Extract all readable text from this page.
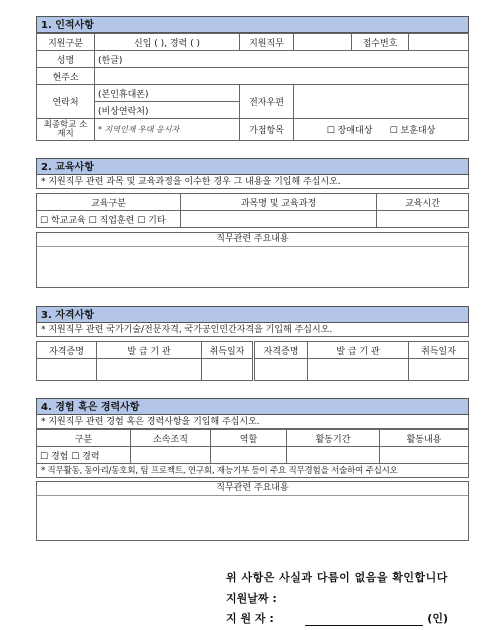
1. 인적사항
지원구분	신입 ( ), 경력 ( )	지원직무		접수번호	
성명	(한글)				
현주소					
연락처	(본인휴대폰)	전자우편			
	(비상연락처)				
최종학교 소재지	* 지역인재 우대 응시자	가점항목	☐ 장애대상 ☐ 보훈대상		
2. 교육사항
* 지원직무 관련 과목 및 교육과정을 이수한 경우 그 내용을 기입해 주십시오.
교육구분	과목명 및 교육과정	교육시간
☐ 학교교육 ☐ 직업훈련 ☐ 기타		
직무관련 주요내용
3. 자격사항
* 지원직무 관련 국가기술/전문자격, 국가공인민간자격을 기입해 주십시오.
자격증명	발 급 기 관	취득일자	자격증명	발 급 기 관	취득일자

4. 경험 혹은 경력사항
* 지원직무 관련 경험 혹은 경력사항을 기입해 주십시오.
구분	소속조직	역할	활동기간	활동내용
☐ 경험 ☐ 경력				
* 직무활동, 동아리/동호회, 팀 프로젝트, 연구회, 재능기부 등이 주요 직무경험을 서술하여 주십시오
직무관련 주요내용
위 사항은 사실과 다름이 없음을 확인합니다
지원날짜 :
지 원 자 :	(인)
